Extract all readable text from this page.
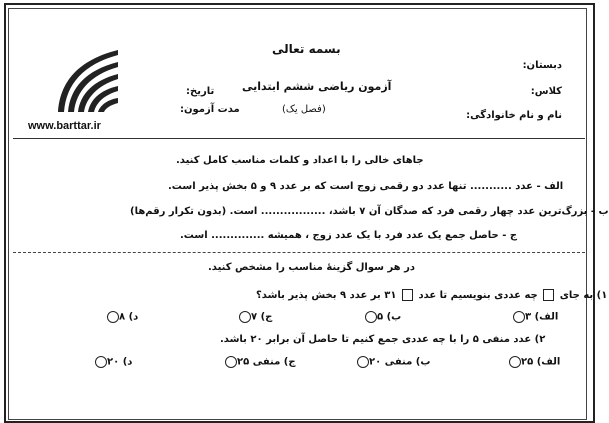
بسمه تعالی
دبستان:
کلاس:
نام و نام خانوادگی:
آزمون ریاضی ششم ابتدایی
(فصل یک)
تاریخ:
مدت آزمون:
www.barttar.ir
جاهای خالی را با اعداد و کلمات مناسب کامل کنید.
الف - عدد ........... تنها عدد دو رقمی زوج است که بر عدد ۹ و ۵ بخش پذیر است.
ب - بزرگ‌ترین عدد چهار رقمی فرد که صدگان آن ۷ باشد، ................. است. (بدون تکرار رقم‌ها)
ج - حاصل جمع یک عدد فرد با یک عدد زوج ، همیشه .............. است.
در هر سوال گزینهٔ مناسب را مشخص کنید.
۱) به جای  چه عددی بنویسیم تا عدد  ۳۱ بر عدد ۹ بخش پذیر باشد؟
الف) ۳
ب) ۵
ج) ۷
د) ۸
۲) عدد منفی ۵ را با چه عددی جمع کنیم تا حاصل آن برابر ۲۰ باشد.
الف) ۲۵
ب) منفی ۲۰
ج) منفی ۲۵
د) ۲۰
